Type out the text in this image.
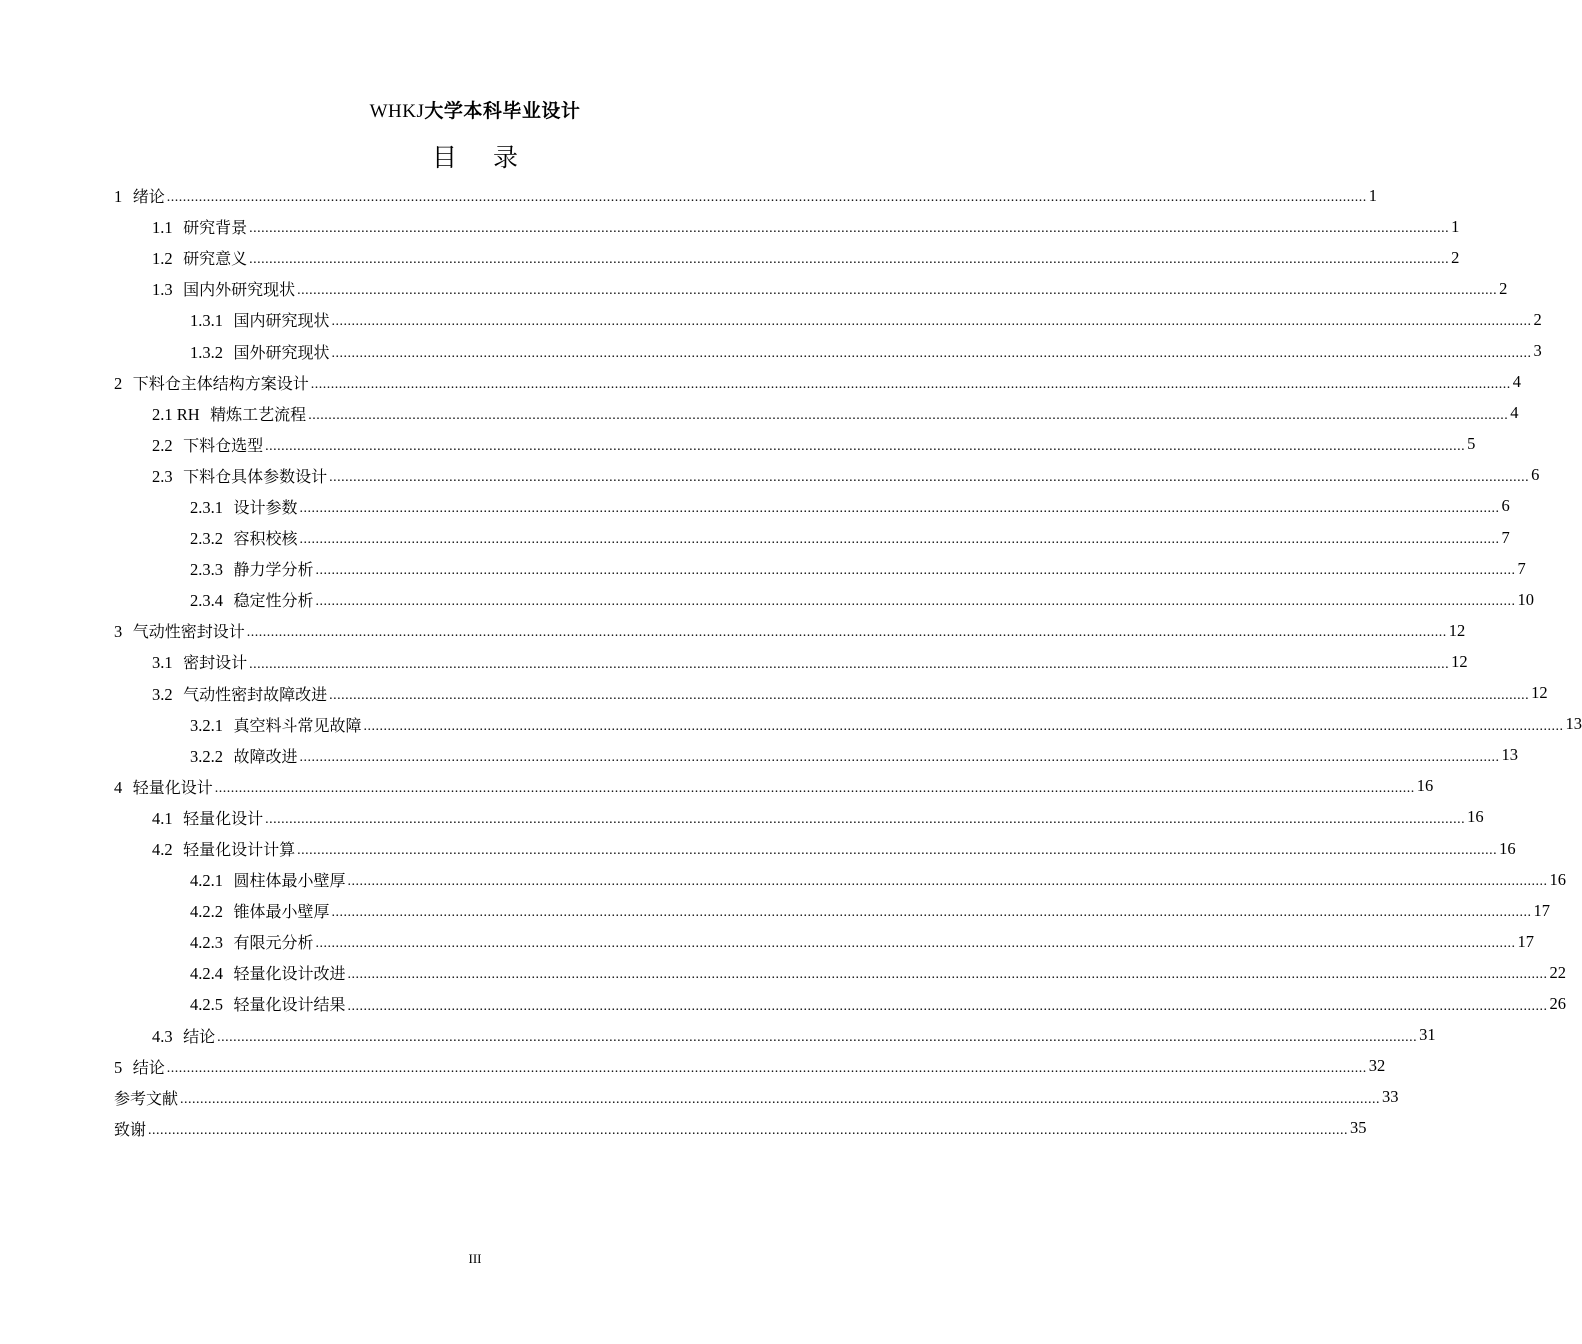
WHKJ大学本科毕业设计
目 录
1 绪论 ............................................................................................................................................................................................................................................................................................................ 1
1.1 研究背景 ............................................................................................................................................................................................................................................................................................................ 1
1.2 研究意义 ............................................................................................................................................................................................................................................................................................................ 2
1.3 国内外研究现状 ............................................................................................................................................................................................................................................................................................................ 2
1.3.1 国内研究现状 ............................................................................................................................................................................................................................................................................................................ 2
1.3.2 国外研究现状 ............................................................................................................................................................................................................................................................................................................ 3
2 下料仓主体结构方案设计 ............................................................................................................................................................................................................................................................................................................ 4
2.1 RH 精炼工艺流程 ............................................................................................................................................................................................................................................................................................................ 4
2.2 下料仓选型 ............................................................................................................................................................................................................................................................................................................ 5
2.3 下料仓具体参数设计 ............................................................................................................................................................................................................................................................................................................ 6
2.3.1 设计参数 ............................................................................................................................................................................................................................................................................................................ 6
2.3.2 容积校核 ............................................................................................................................................................................................................................................................................................................ 7
2.3.3 静力学分析 ............................................................................................................................................................................................................................................................................................................ 7
2.3.4 稳定性分析 ............................................................................................................................................................................................................................................................................................................ 10
3 气动性密封设计 ............................................................................................................................................................................................................................................................................................................ 12
3.1 密封设计 ............................................................................................................................................................................................................................................................................................................ 12
3.2 气动性密封故障改进 ............................................................................................................................................................................................................................................................................................................ 12
3.2.1 真空料斗常见故障 ............................................................................................................................................................................................................................................................................................................ 13
3.2.2 故障改进 ............................................................................................................................................................................................................................................................................................................ 13
4 轻量化设计 ............................................................................................................................................................................................................................................................................................................ 16
4.1 轻量化设计 ............................................................................................................................................................................................................................................................................................................ 16
4.2 轻量化设计计算 ............................................................................................................................................................................................................................................................................................................ 16
4.2.1 圆柱体最小壁厚 ............................................................................................................................................................................................................................................................................................................ 16
4.2.2 锥体最小壁厚 ............................................................................................................................................................................................................................................................................................................ 17
4.2.3 有限元分析 ............................................................................................................................................................................................................................................................................................................ 17
4.2.4 轻量化设计改进 ............................................................................................................................................................................................................................................................................................................ 22
4.2.5 轻量化设计结果 ............................................................................................................................................................................................................................................................................................................ 26
4.3 结论 ............................................................................................................................................................................................................................................................................................................ 31
5 结论 ............................................................................................................................................................................................................................................................................................................ 32
参考文献 ............................................................................................................................................................................................................................................................................................................ 33
致谢 ............................................................................................................................................................................................................................................................................................................ 35
III
